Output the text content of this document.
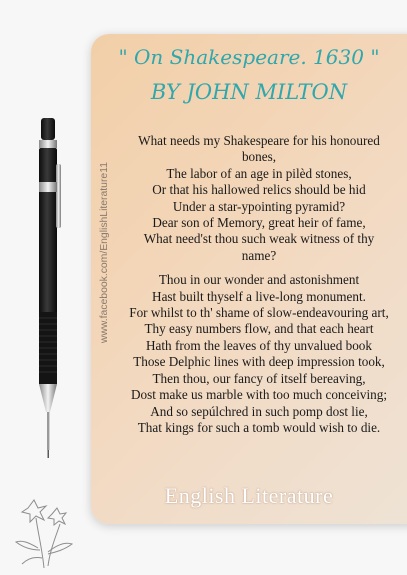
" On Shakespeare. 1630 "
BY JOHN MILTON
What needs my Shakespeare for his honoured
bones,
The labor of an age in pilèd stones,
Or that his hallowed relics should be hid
Under a star-ypointing pyramid?
Dear son of Memory, great heir of fame,
What need'st thou such weak witness of thy
name?
Thou in our wonder and astonishment
Hast built thyself a live-long monument.
For whilst to th' shame of slow-endeavouring art,
Thy easy numbers flow, and that each heart
Hath from the leaves of thy unvalued book
Those Delphic lines with deep impression took,
Then thou, our fancy of itself bereaving,
Dost make us marble with too much conceiving;
And so sepúlchred in such pomp dost lie,
That kings for such a tomb would wish to die.
www.facebook.com/EnglishLiterature11
English Literature
